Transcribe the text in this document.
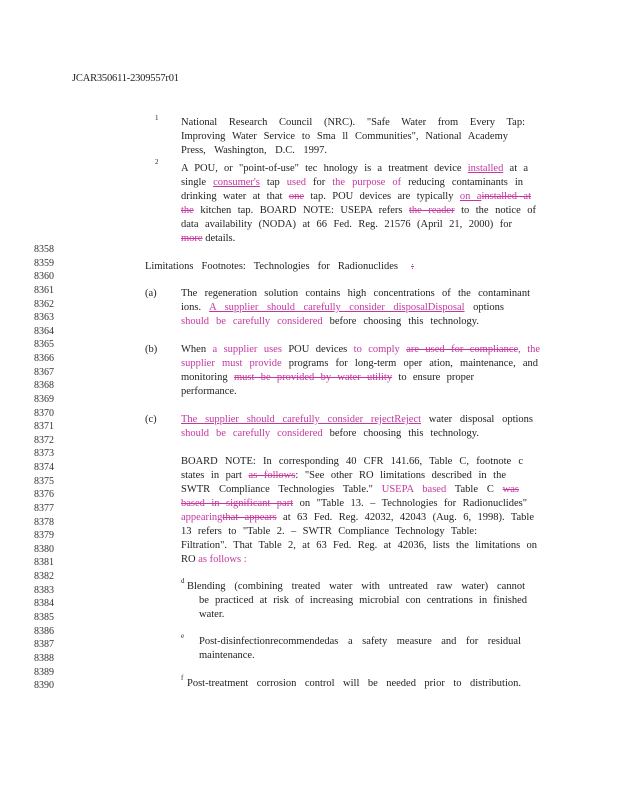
JCAR350611-2309557r01
8358
8359
8360
8361
8362
8363
8364
8365
8366
8367
8368
8369
8370
8371
8372
8373
8374
8375
8376
8377
8378
8379
8380
8381
8382
8383
8384
8385
8386
8387
8388
8389
8390
1 National Research Council (NRC). "Safe Water from Every Tap:
Improving Water Service to Sma ll Communities", National Academy
Press, Washington, D.C. 1997.
2
A POU, or "point-of-use" tec hnology is a treatment device installed at a
single consumer's tap used for the purpose of reducing contaminants in
drinking water at that one tap. POU devices are typically on ainstalled at
the kitchen tap. BOARD NOTE: USEPA refers the reader to the notice of
data availability (NODA) at 66 Fed. Reg. 21576 (April 21, 2000) for
more details.
Limitations Footnotes: Technologies for Radionuclides :
(a) The regeneration solution contains high concentrations of the contaminant
ions. A supplier should carefully consider disposalDisposal options
should be carefully considered before choosing this technology.
(b) When a supplier uses POU devices to comply are used for compliance, the
supplier must provide programs for long-term oper ation, maintenance, and
monitoring must be provided by water utility to ensure proper
performance.
(c) The supplier should carefully consider rejectReject water disposal options
should be carefully considered before choosing this technology.
BOARD NOTE: In corresponding 40 CFR 141.66, Table C, footnote c
states in part as follows: "See other RO limitations described in the
SWTR Compliance Technologies Table." USEPA based Table C was
based in significant part on "Table 13. – Technologies for Radionuclides"
appearingthat appears at 63 Fed. Reg. 42032, 42043 (Aug. 6, 1998). Table
13 refers to "Table 2. – SWTR Compliance Technology Table:
Filtration". That Table 2, at 63 Fed. Reg. at 42036, lists the limitations on
RO as follows :
d Blending (combining treated water with untreated raw water) cannot
be practiced at risk of increasing microbial con centrations in finished
water.
e Post-disinfectionrecommendedas a safety measure and for residual
maintenance.
f Post-treatment corrosion control will be needed prior to distribution.
